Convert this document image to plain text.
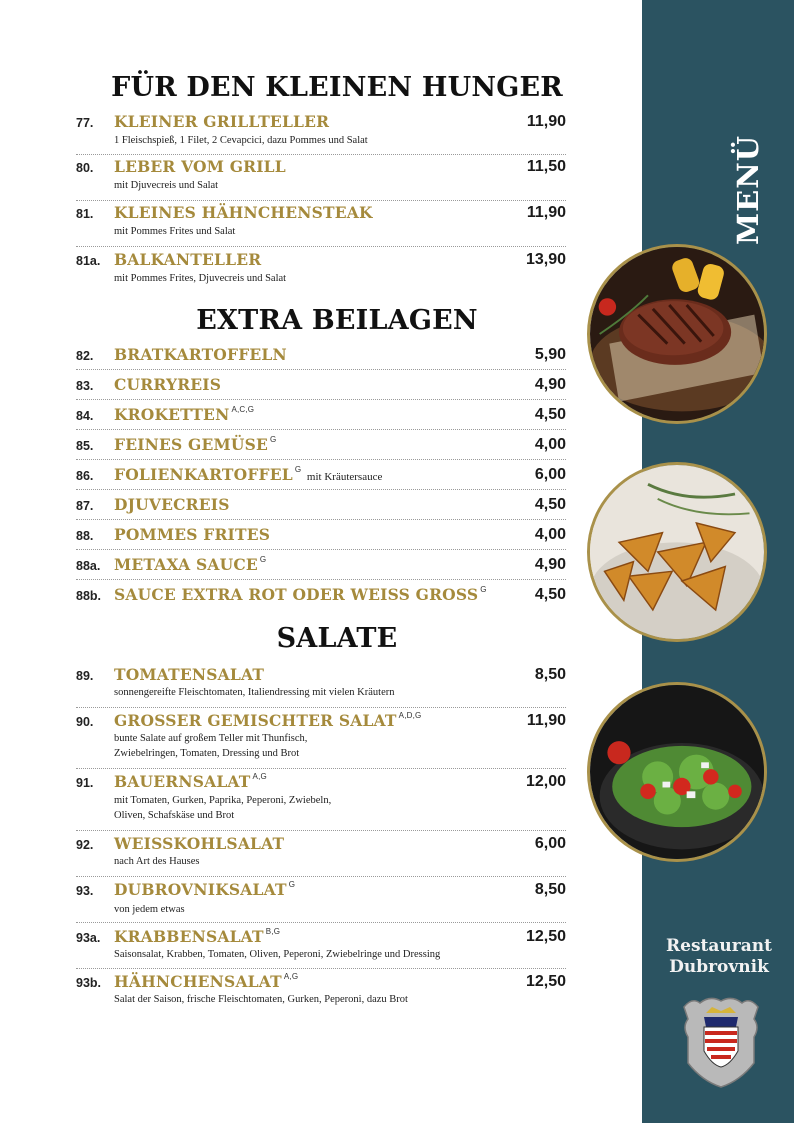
MENÜ
Restaurant
Dubrovnik
FÜR DEN KLEINEN HUNGER
77. KLEINER GRILLTELLER	11,90
1 Fleischspieß, 1 Filet, 2 Cevapcici, dazu Pommes und Salat
80. LEBER VOM GRILL	11,50
mit Djuvecreis und Salat
81. KLEINES HÄHNCHENSTEAK	11,90
mit Pommes Frites und Salat
81a. BALKANTELLER	13,90
mit Pommes Frites, Djuvecreis und Salat
EXTRA BEILAGEN
82. BRATKARTOFFELN	5,90
83. CURRYREIS	4,90
84. KROKETTEN $^{A,C,G}$	4,50
85. FEINES GEMÜSE $^G$	4,00
86. FOLIENKARTOFFEL $^G$ mit Kräutersauce	6,00
87. DJUVECREIS	4,50
88. POMMES FRITES	4,00
88a. METAXA SAUCE $^G$	4,90
88b. SAUCE EXTRA ROT ODER WEISS GROSS $^G$	4,50
SALATE
89. TOMATENSALAT	8,50
sonnengereifte Fleischtomaten, Italiendressing mit vielen Kräutern
90. GROSSER GEMISCHTER SALAT $^{A,D,G}$	11,90
bunte Salate auf großem Teller mit Thunfisch,
Zwiebelringen, Tomaten, Dressing und Brot
91. BAUERNSALAT $^{A,G}$	12,00
mit Tomaten, Gurken, Paprika, Peperoni, Zwiebeln,
Oliven, Schafskäse und Brot
92. WEISSKOHLSALAT	6,00
nach Art des Hauses
93. DUBROVNIKSALAT $^G$	8,50
von jedem etwas
93a. KRABBENSALAT $^{B,G}$	12,50
Saisonsalat, Krabben, Tomaten, Oliven, Peperoni, Zwiebelringe und Dressing
93b. HÄHNCHENSALAT $^{A,G}$	12,50
Salat der Saison, frische Fleischtomaten, Gurken, Peperoni, dazu Brot
